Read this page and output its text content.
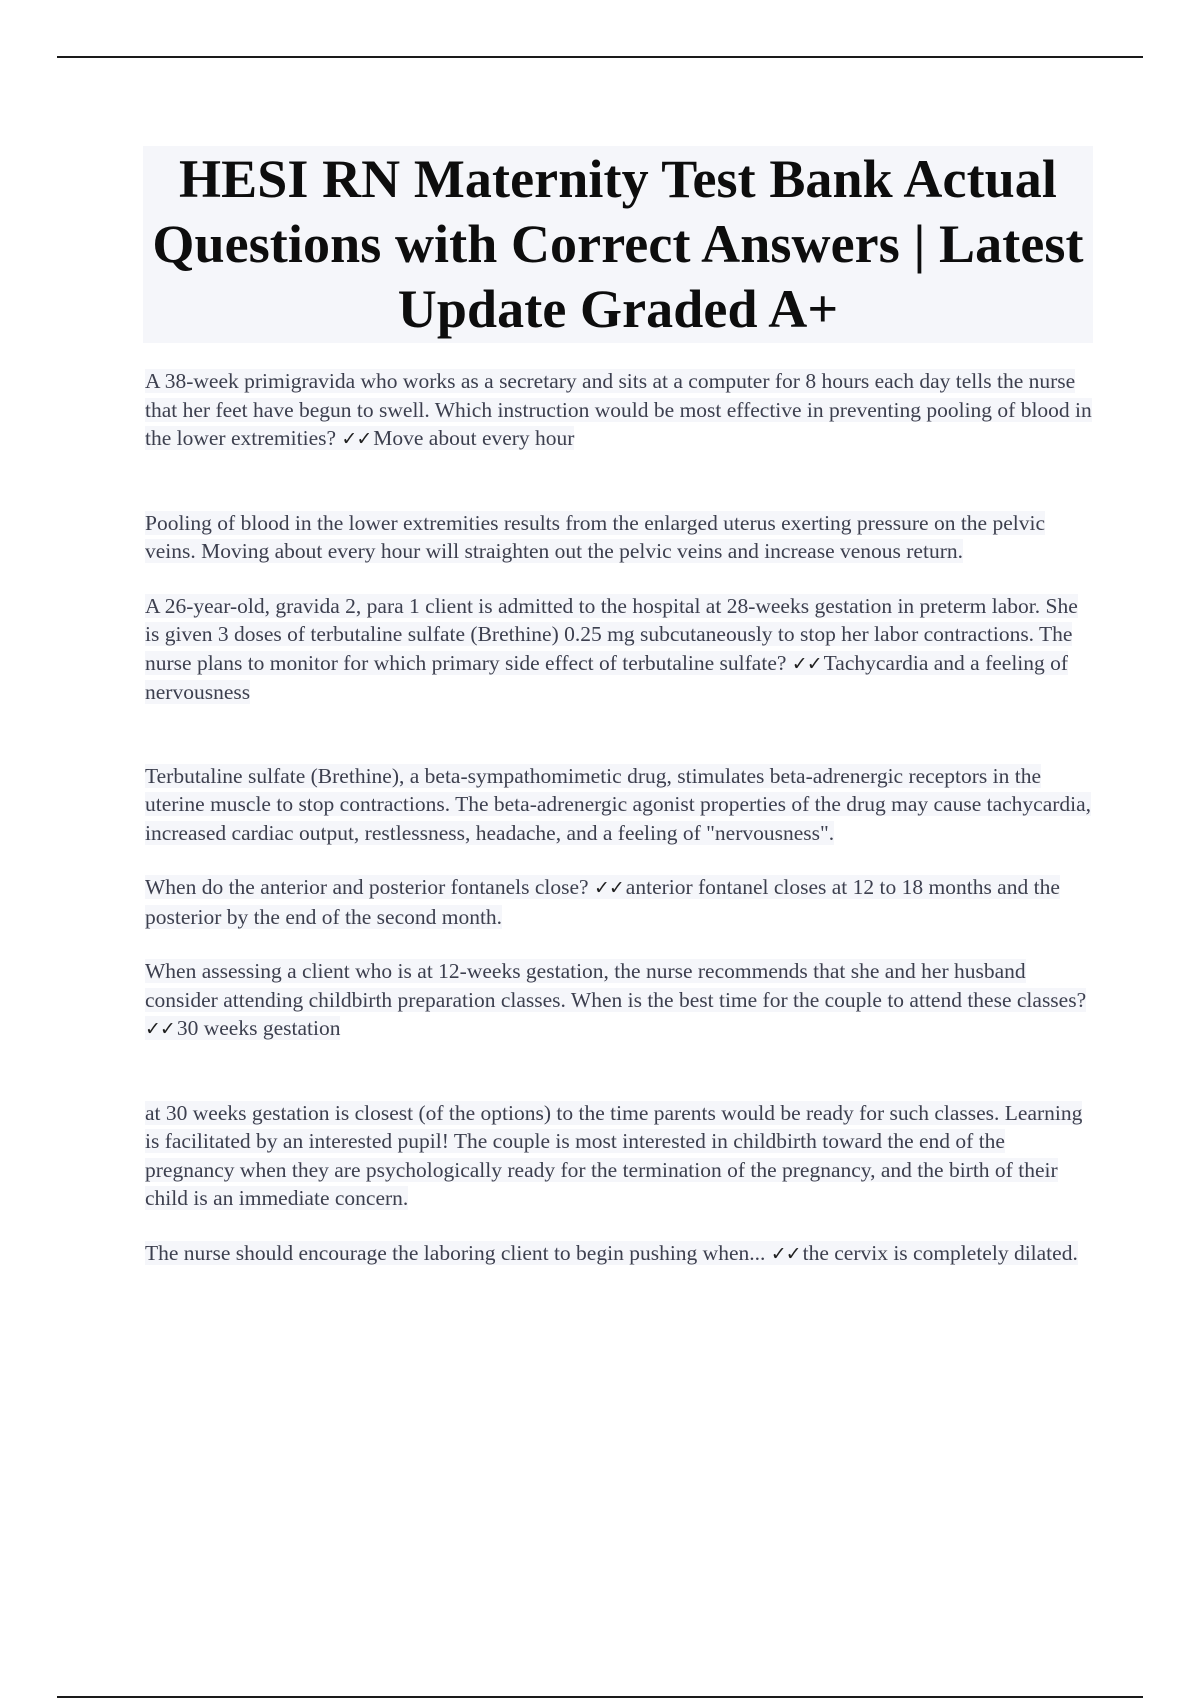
HESI RN Maternity Test Bank Actual Questions with Correct Answers | Latest Update Graded A+

A 38-week primigravida who works as a secretary and sits at a computer for 8 hours each day tells the nurse that her feet have begun to swell. Which instruction would be most effective in preventing pooling of blood in the lower extremities? ✓✓Move about every hour

Pooling of blood in the lower extremities results from the enlarged uterus exerting pressure on the pelvic veins. Moving about every hour will straighten out the pelvic veins and increase venous return.

A 26-year-old, gravida 2, para 1 client is admitted to the hospital at 28-weeks gestation in preterm labor. She is given 3 doses of terbutaline sulfate (Brethine) 0.25 mg subcutaneously to stop her labor contractions. The nurse plans to monitor for which primary side effect of terbutaline sulfate? ✓✓Tachycardia and a feeling of nervousness

Terbutaline sulfate (Brethine), a beta-sympathomimetic drug, stimulates beta-adrenergic receptors in the uterine muscle to stop contractions. The beta-adrenergic agonist properties of the drug may cause tachycardia, increased cardiac output, restlessness, headache, and a feeling of "nervousness".

When do the anterior and posterior fontanels close? ✓✓anterior fontanel closes at 12 to 18 months and the posterior by the end of the second month.

When assessing a client who is at 12-weeks gestation, the nurse recommends that she and her husband consider attending childbirth preparation classes. When is the best time for the couple to attend these classes? ✓✓30 weeks gestation

at 30 weeks gestation is closest (of the options) to the time parents would be ready for such classes. Learning is facilitated by an interested pupil! The couple is most interested in childbirth toward the end of the pregnancy when they are psychologically ready for the termination of the pregnancy, and the birth of their child is an immediate concern.

The nurse should encourage the laboring client to begin pushing when... ✓✓the cervix is completely dilated.
